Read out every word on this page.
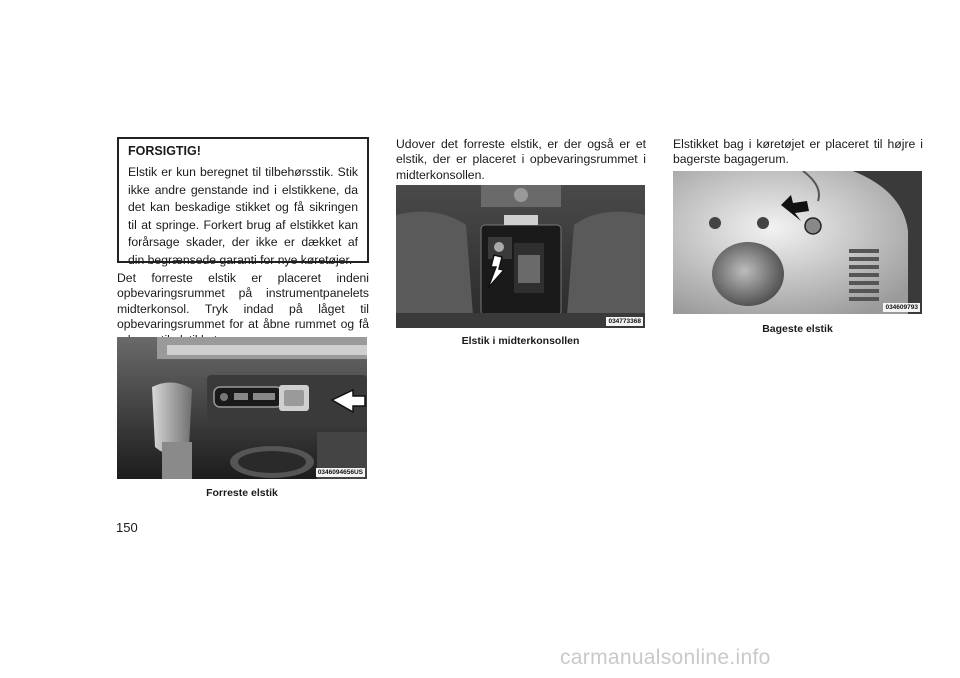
FORSIGTIG!
Elstik er kun beregnet til tilbehørsstik. Stik ikke andre genstande ind i elstikkene, da det kan beskadige stikket og få sikringen til at springe. Forkert brug af elstikket kan forårsage skader, der ikke er dækket af din begrænsede garanti for nye køretøjer.
Det forreste elstik er placeret indeni opbevaringsrummet på instrumentpanelets midterkonsol. Tryk indad på låget til opbevaringsrummet for at åbne rummet og få
0346094656US
Forreste elstik
Udover det forreste elstik, er der også er et elstik, der er placeret i opbevaringsrummet i midterkonsollen.
034773368
Elstik i midterkonsollen
Elstikket bag i køretøjet er placeret til højre i bagerste bagagerum.
034609793
Bageste elstik
150
carmanualsonline.info
